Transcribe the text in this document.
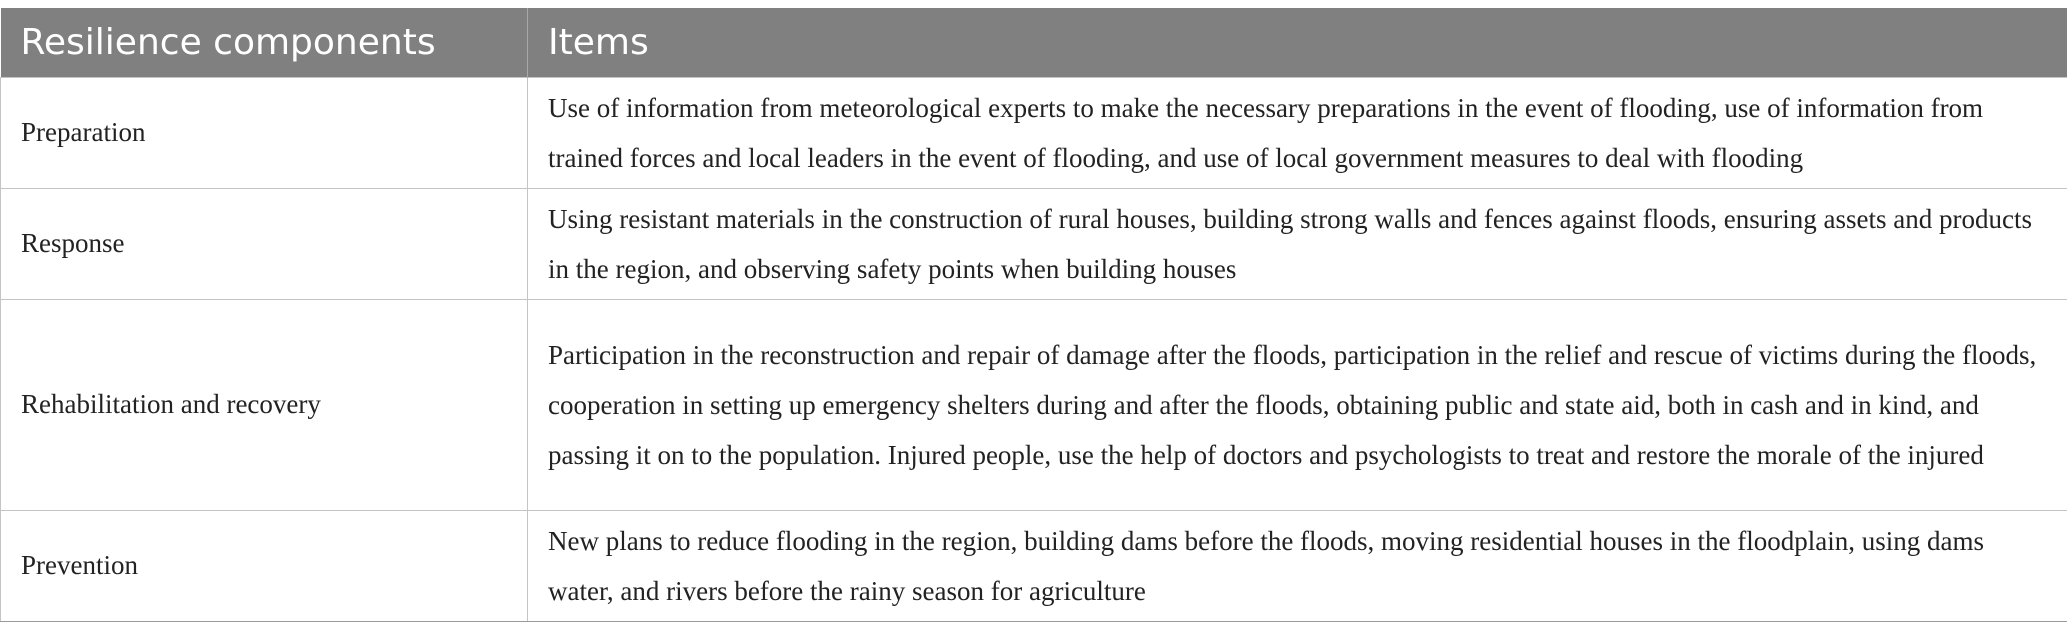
Resilience components	Items
Preparation	Use of information from meteorological experts to make the necessary preparations in the event of flooding, use of information from trained forces and local leaders in the event of flooding, and use of local government measures to deal with flooding
Response	Using resistant materials in the construction of rural houses, building strong walls and fences against floods, ensuring assets and products in the region, and observing safety points when building houses
Rehabilitation and recovery	Participation in the reconstruction and repair of damage after the floods, participation in the relief and rescue of victims during the floods, cooperation in setting up emergency shelters during and after the floods, obtaining public and state aid, both in cash and in kind, and passing it on to the population. Injured people, use the help of doctors and psychologists to treat and restore the morale of the injured
Prevention	New plans to reduce flooding in the region, building dams before the floods, moving residential houses in the floodplain, using dams water, and rivers before the rainy season for agriculture
